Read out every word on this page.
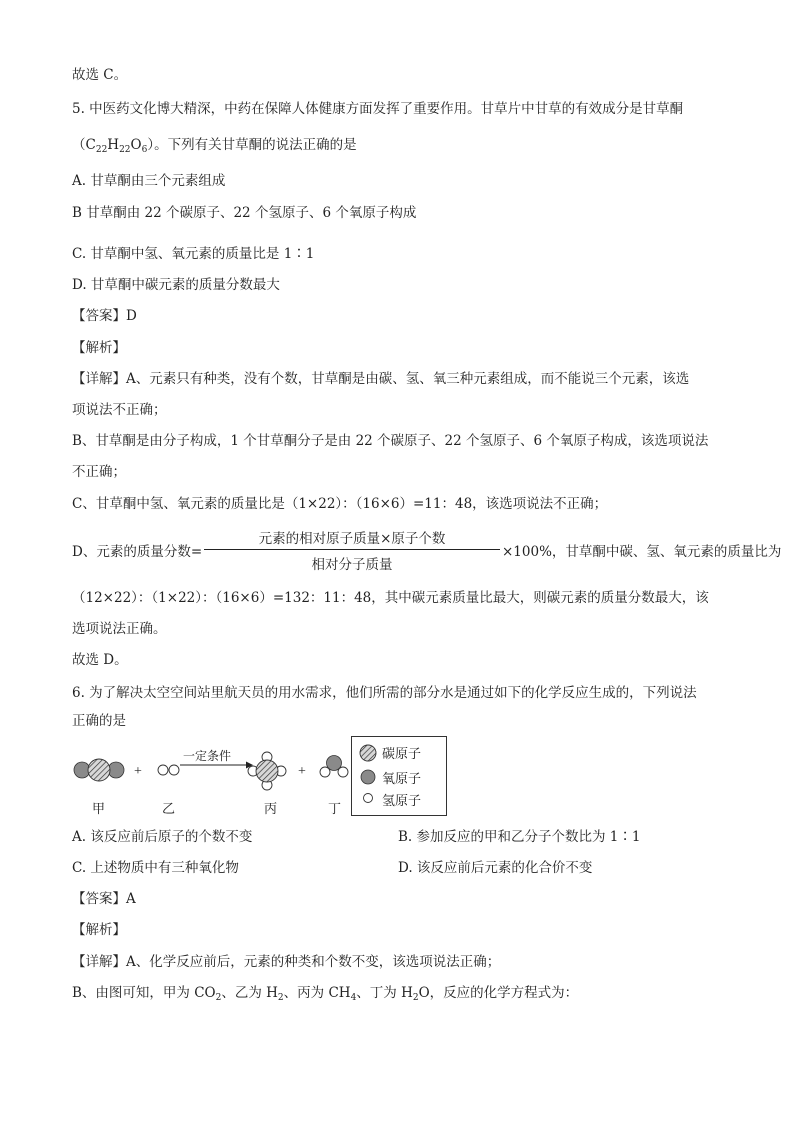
故选 C。
5. 中医药文化博大精深，中药在保障人体健康方面发挥了重要作用。甘草片中甘草的有效成分是甘草酮
$(C_{22}H_{22}O_6)$。下列有关甘草酮的说法正确的是
A. 甘草酮由三个元素组成
B 甘草酮由 22 个碳原子、22 个氢原子、6 个氧原子构成
C. 甘草酮中氢、氧元素的质量比是 1∶1
D. 甘草酮中碳元素的质量分数最大
【答案】D
【解析】
【详解】A、元素只有种类，没有个数，甘草酮是由碳、氢、氧三种元素组成，而不能说三个元素，该选
项说法不正确；
B、甘草酮是由分子构成，1 个甘草酮分子是由 22 个碳原子、22 个氢原子、6 个氧原子构成，该选项说法
不正确；
C、甘草酮中氢、氧元素的质量比是（1×22）：（16×6）=11：48，该选项说法不正确；
D、元素的质量分数=
元素的相对原子质量×原子个数
相对分子质量
×100%，甘草酮中碳、氢、氧元素的质量比为
（12×22）：（1×22）：（16×6）=132：11：48，其中碳元素质量比最大，则碳元素的质量分数最大，该
选项说法正确。
故选 D。
6. 为了解决太空空间站里航天员的用水需求，他们所需的部分水是通过如下的化学反应生成的，下列说法
正确的是
+	+
一定条件
甲	乙	丙	丁
碳原子
氧原子
氢原子
A. 该反应前后原子的个数不变	B. 参加反应的甲和乙分子个数比为 1∶1
C. 上述物质中有三种氧化物	D. 该反应前后元素的化合价不变
【答案】A
【解析】
【详解】A、化学反应前后，元素的种类和个数不变，该选项说法正确；
B、由图可知，甲为 $CO_2$、乙为 $H_2$、丙为 $CH_4$、丁为 $H_2O$，反应的化学方程式为：
